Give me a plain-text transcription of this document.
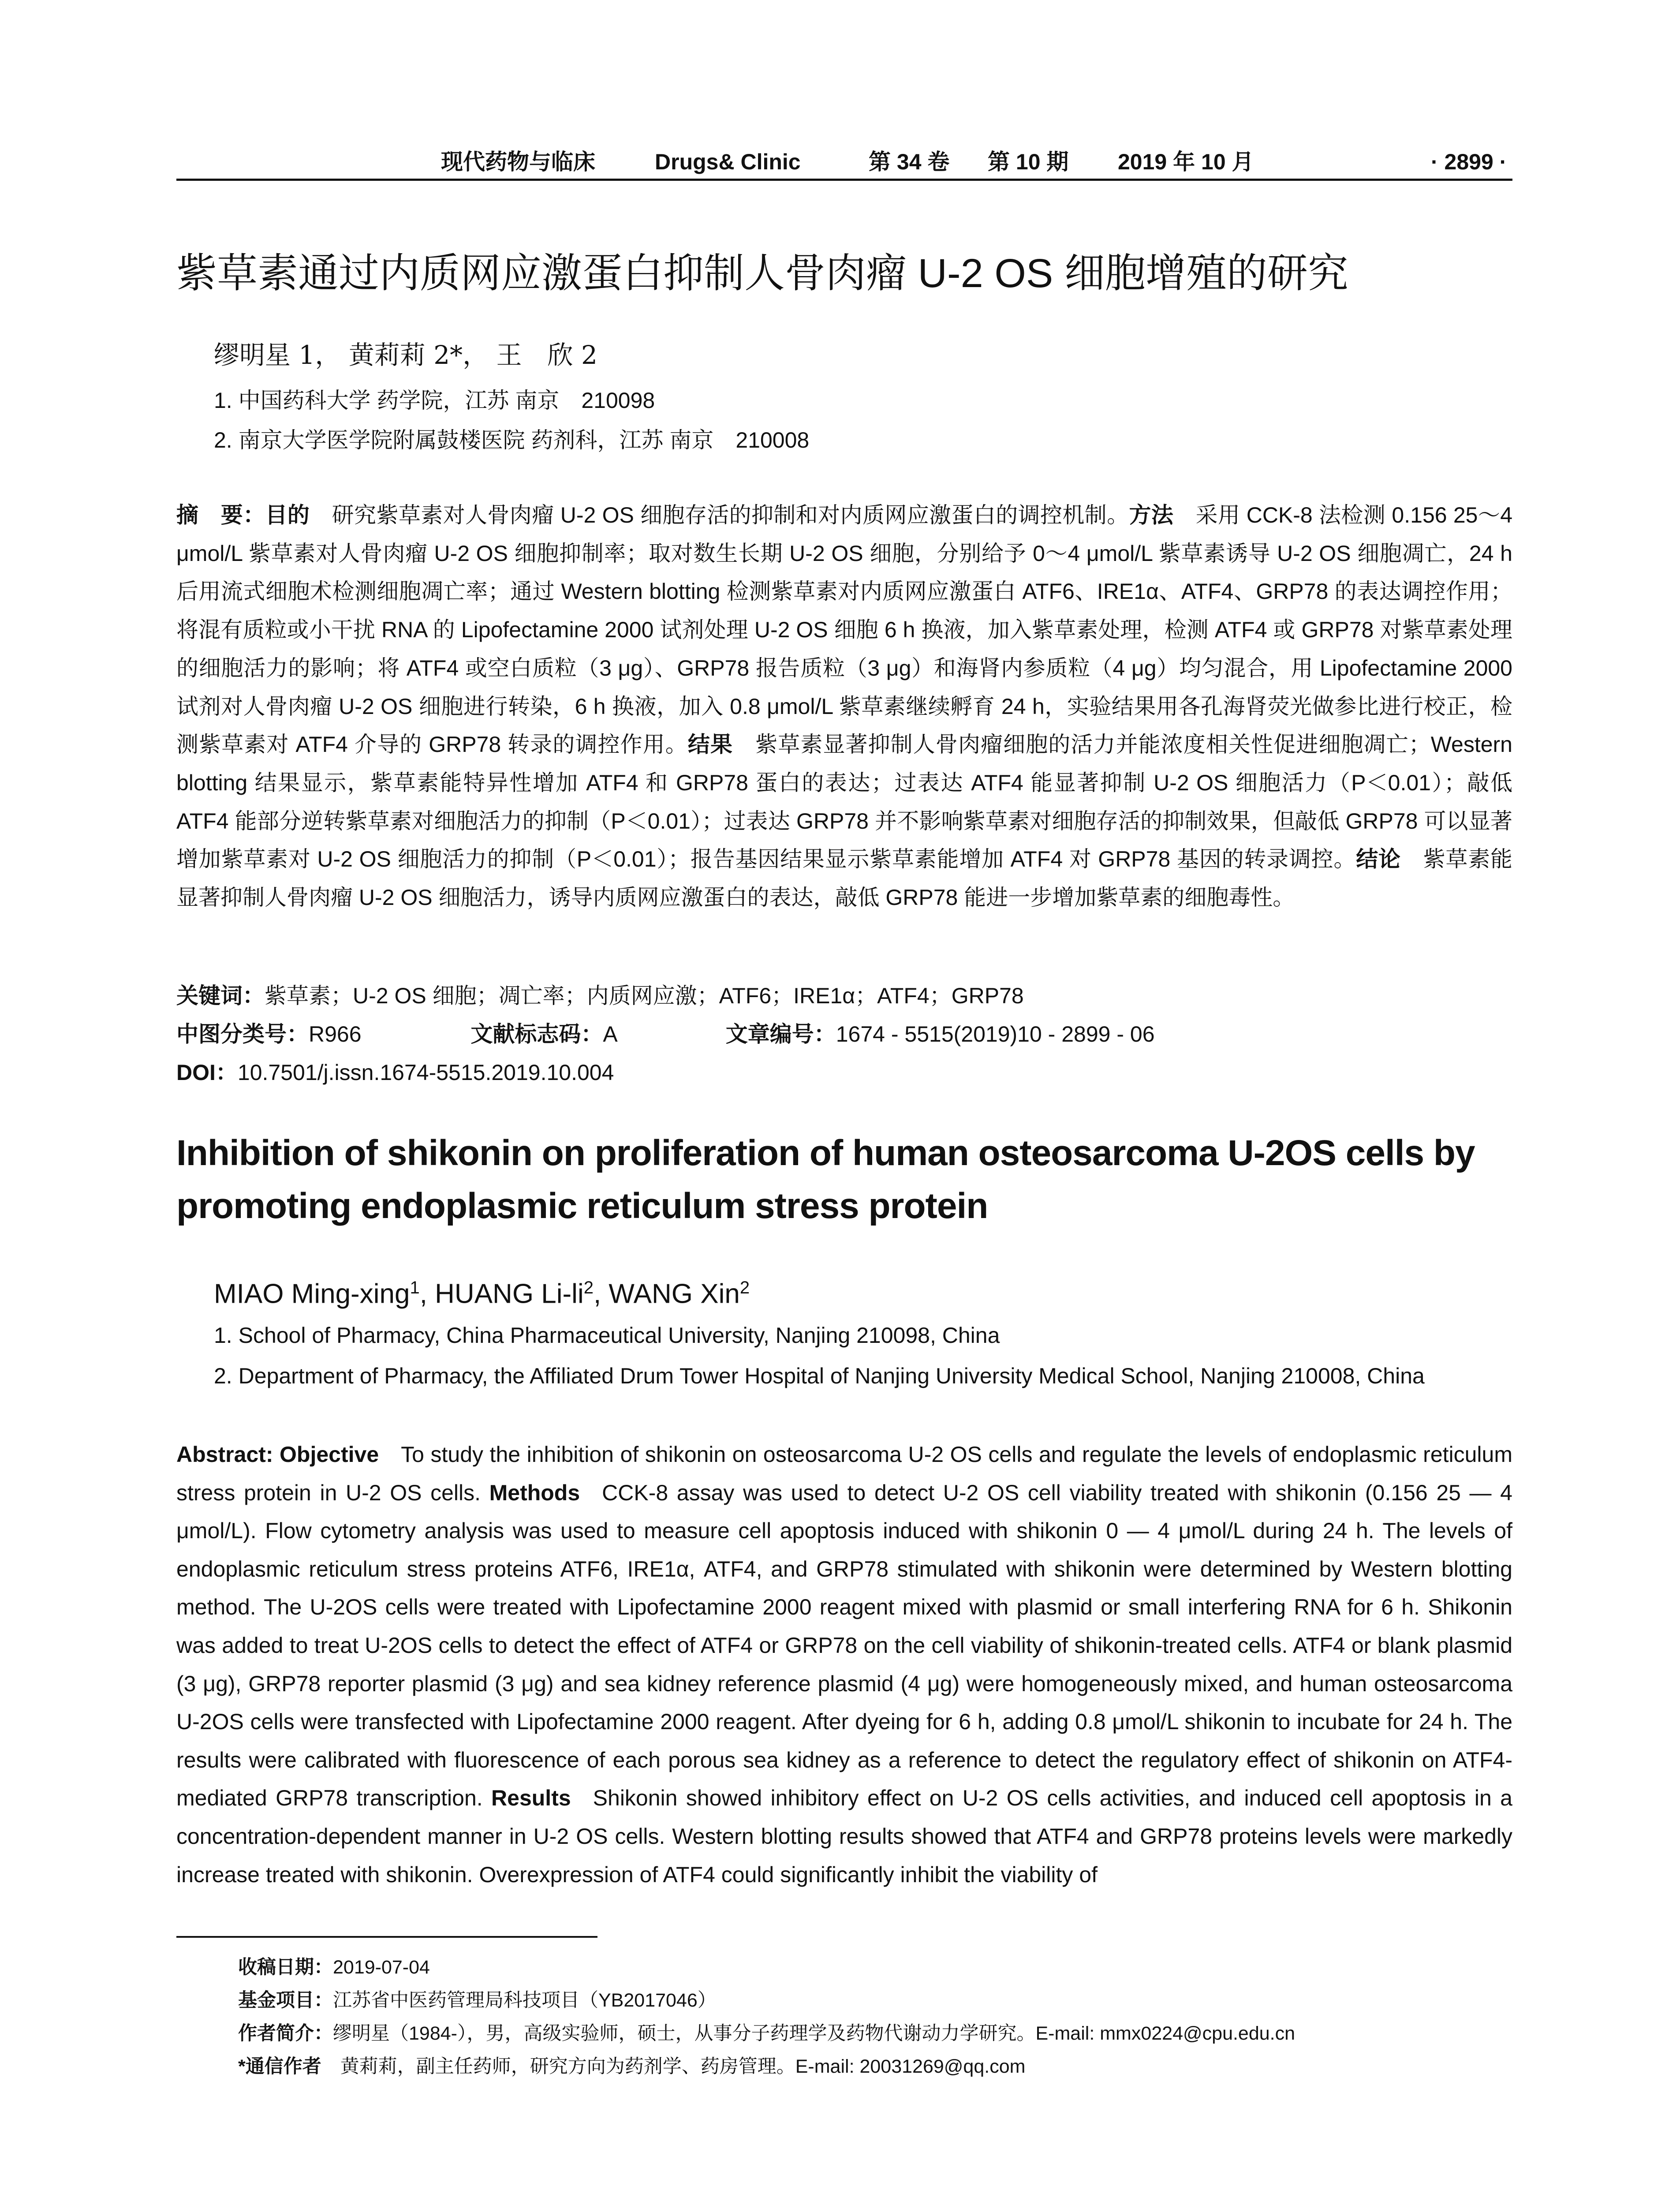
现代药物与临床	Drugs& Clinic	第 34 卷 第 10 期 2019 年 10 月	· 2899 ·
紫草素通过内质网应激蛋白抑制人骨肉瘤 U-2 OS 细胞增殖的研究
缪明星 1， 黄莉莉 2*， 王　欣 2
1. 中国药科大学 药学院，江苏 南京　210098
2. 南京大学医学院附属鼓楼医院 药剂科，江苏 南京　210008
摘　要：目的  研究紫草素对人骨肉瘤 U-2 OS 细胞存活的抑制和对内质网应激蛋白的调控机制。方法  采用 CCK-8 法检测 0.156 25～4 μmol/L 紫草素对人骨肉瘤 U-2 OS 细胞抑制率；取对数生长期 U-2 OS 细胞，分别给予 0～4 μmol/L 紫草素诱导 U-2 OS 细胞凋亡，24 h 后用流式细胞术检测细胞凋亡率；通过 Western blotting 检测紫草素对内质网应激蛋白 ATF6、IRE1α、ATF4、GRP78 的表达调控作用；将混有质粒或小干扰 RNA 的 Lipofectamine 2000 试剂处理 U-2 OS 细胞 6 h 换液，加入紫草素处理，检测 ATF4 或 GRP78 对紫草素处理的细胞活力的影响；将 ATF4 或空白质粒（3 μg）、GRP78 报告质粒（3 μg）和海肾内参质粒（4 μg）均匀混合，用 Lipofectamine 2000 试剂对人骨肉瘤 U-2 OS 细胞进行转染，6 h 换液，加入 0.8 μmol/L 紫草素继续孵育 24 h，实验结果用各孔海肾荧光做参比进行校正，检测紫草素对 ATF4 介导的 GRP78 转录的调控作用。结果  紫草素显著抑制人骨肉瘤细胞的活力并能浓度相关性促进细胞凋亡；Western blotting 结果显示，紫草素能特异性增加 ATF4 和 GRP78 蛋白的表达；过表达 ATF4 能显著抑制 U-2 OS 细胞活力（P＜0.01）；敲低 ATF4 能部分逆转紫草素对细胞活力的抑制（P＜0.01）；过表达 GRP78 并不影响紫草素对细胞存活的抑制效果，但敲低 GRP78 可以显著增加紫草素对 U-2 OS 细胞活力的抑制（P＜0.01）；报告基因结果显示紫草素能增加 ATF4 对 GRP78 基因的转录调控。结论  紫草素能显著抑制人骨肉瘤 U-2 OS 细胞活力，诱导内质网应激蛋白的表达，敲低 GRP78 能进一步增加紫草素的细胞毒性。
关键词：紫草素；U-2 OS 细胞；凋亡率；内质网应激；ATF6；IRE1α；ATF4；GRP78
中图分类号：R966	文献标志码：A	文章编号：1674 - 5515(2019)10 - 2899 - 06
DOI：10.7501/j.issn.1674-5515.2019.10.004
Inhibition of shikonin on proliferation of human osteosarcoma U-2OS cells by promoting endoplasmic reticulum stress protein
MIAO Ming-xing$^1$, HUANG $Li-li^2$, WANG Xin$^2$
1. School of Pharmacy, China Pharmaceutical University, Nanjing 210098, China
2. Department of Pharmacy, the Affiliated Drum Tower Hospital of Nanjing University Medical School, Nanjing 210008, China
Abstract: Objective  To study the inhibition of shikonin on osteosarcoma U-2 OS cells and regulate the levels of endoplasmic reticulum stress protein in U-2 OS cells. Methods  CCK-8 assay was used to detect U-2 OS cell viability treated with shikonin (0.156 25 — 4 μmol/L). Flow cytometry analysis was used to measure cell apoptosis induced with shikonin 0 — 4 μmol/L during 24 h. The levels of endoplasmic reticulum stress proteins ATF6, IRE1α, ATF4, and GRP78 stimulated with shikonin were determined by Western blotting method. The U-2OS cells were treated with Lipofectamine 2000 reagent mixed with plasmid or small interfering RNA for 6 h. Shikonin was added to treat U-2OS cells to detect the effect of ATF4 or GRP78 on the cell viability of shikonin-treated cells. ATF4 or blank plasmid (3 μg), GRP78 reporter plasmid (3 μg) and sea kidney reference plasmid (4 μg) were homogeneously mixed, and human osteosarcoma U-2OS cells were transfected with Lipofectamine 2000 reagent. After dyeing for 6 h, adding 0.8 μmol/L shikonin to incubate for 24 h. The results were calibrated with fluorescence of each porous sea kidney as a reference to detect the regulatory effect of shikonin on ATF4-mediated GRP78 transcription. Results  Shikonin showed inhibitory effect on U-2 OS cells activities, and induced cell apoptosis in a concentration-dependent manner in U-2 OS cells. Western blotting results showed that ATF4 and GRP78 proteins levels were markedly increase treated with shikonin. Overexpression of ATF4 could significantly inhibit the viability of
收稿日期：2019-07-04
基金项目：江苏省中医药管理局科技项目（YB2017046）
作者简介：缪明星（1984-），男，高级实验师，硕士，从事分子药理学及药物代谢动力学研究。E-mail: mmx0224@cpu.edu.cn
*通信作者  黄莉莉，副主任药师，研究方向为药剂学、药房管理。E-mail: 20031269@qq.com
